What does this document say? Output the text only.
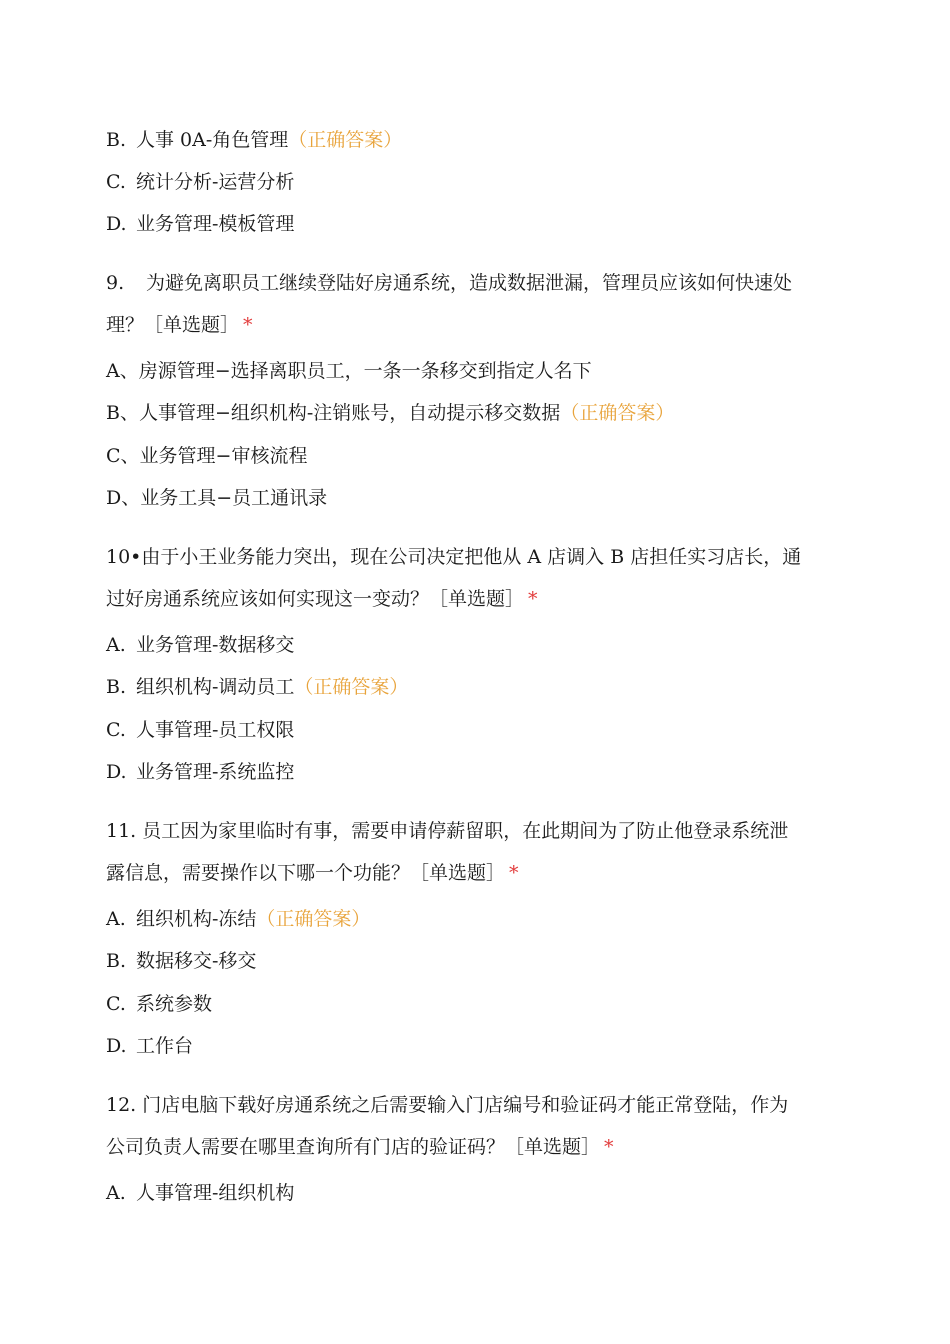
B. 人事 0A-角色管理（正确答案）
C. 统计分析-运营分析
D. 业务管理-模板管理
9. 为避免离职员工继续登陆好房通系统，造成数据泄漏，管理员应该如何快速处
理？［单选题］ *
A、房源管理−选择离职员工，一条一条移交到指定人名下
B、人事管理−组织机构-注销账号，自动提示移交数据（正确答案）
C、业务管理−审核流程
D、业务工具−员工通讯录
10•由于小王业务能力突出，现在公司决定把他从 A 店调入 B 店担任实习店长，通
过好房通系统应该如何实现这一变动？［单选题］ *
A. 业务管理-数据移交
B. 组织机构-调动员工（正确答案）
C. 人事管理-员工权限
D. 业务管理-系统监控
11. 员工因为家里临时有事，需要申请停薪留职，在此期间为了防止他登录系统泄
露信息，需要操作以下哪一个功能？［单选题］ *
A. 组织机构-冻结（正确答案）
B. 数据移交-移交
C. 系统参数
D. 工作台
12. 门店电脑下载好房通系统之后需要输入门店编号和验证码才能正常登陆，作为
公司负责人需要在哪里查询所有门店的验证码？［单选题］ *
A. 人事管理-组织机构
